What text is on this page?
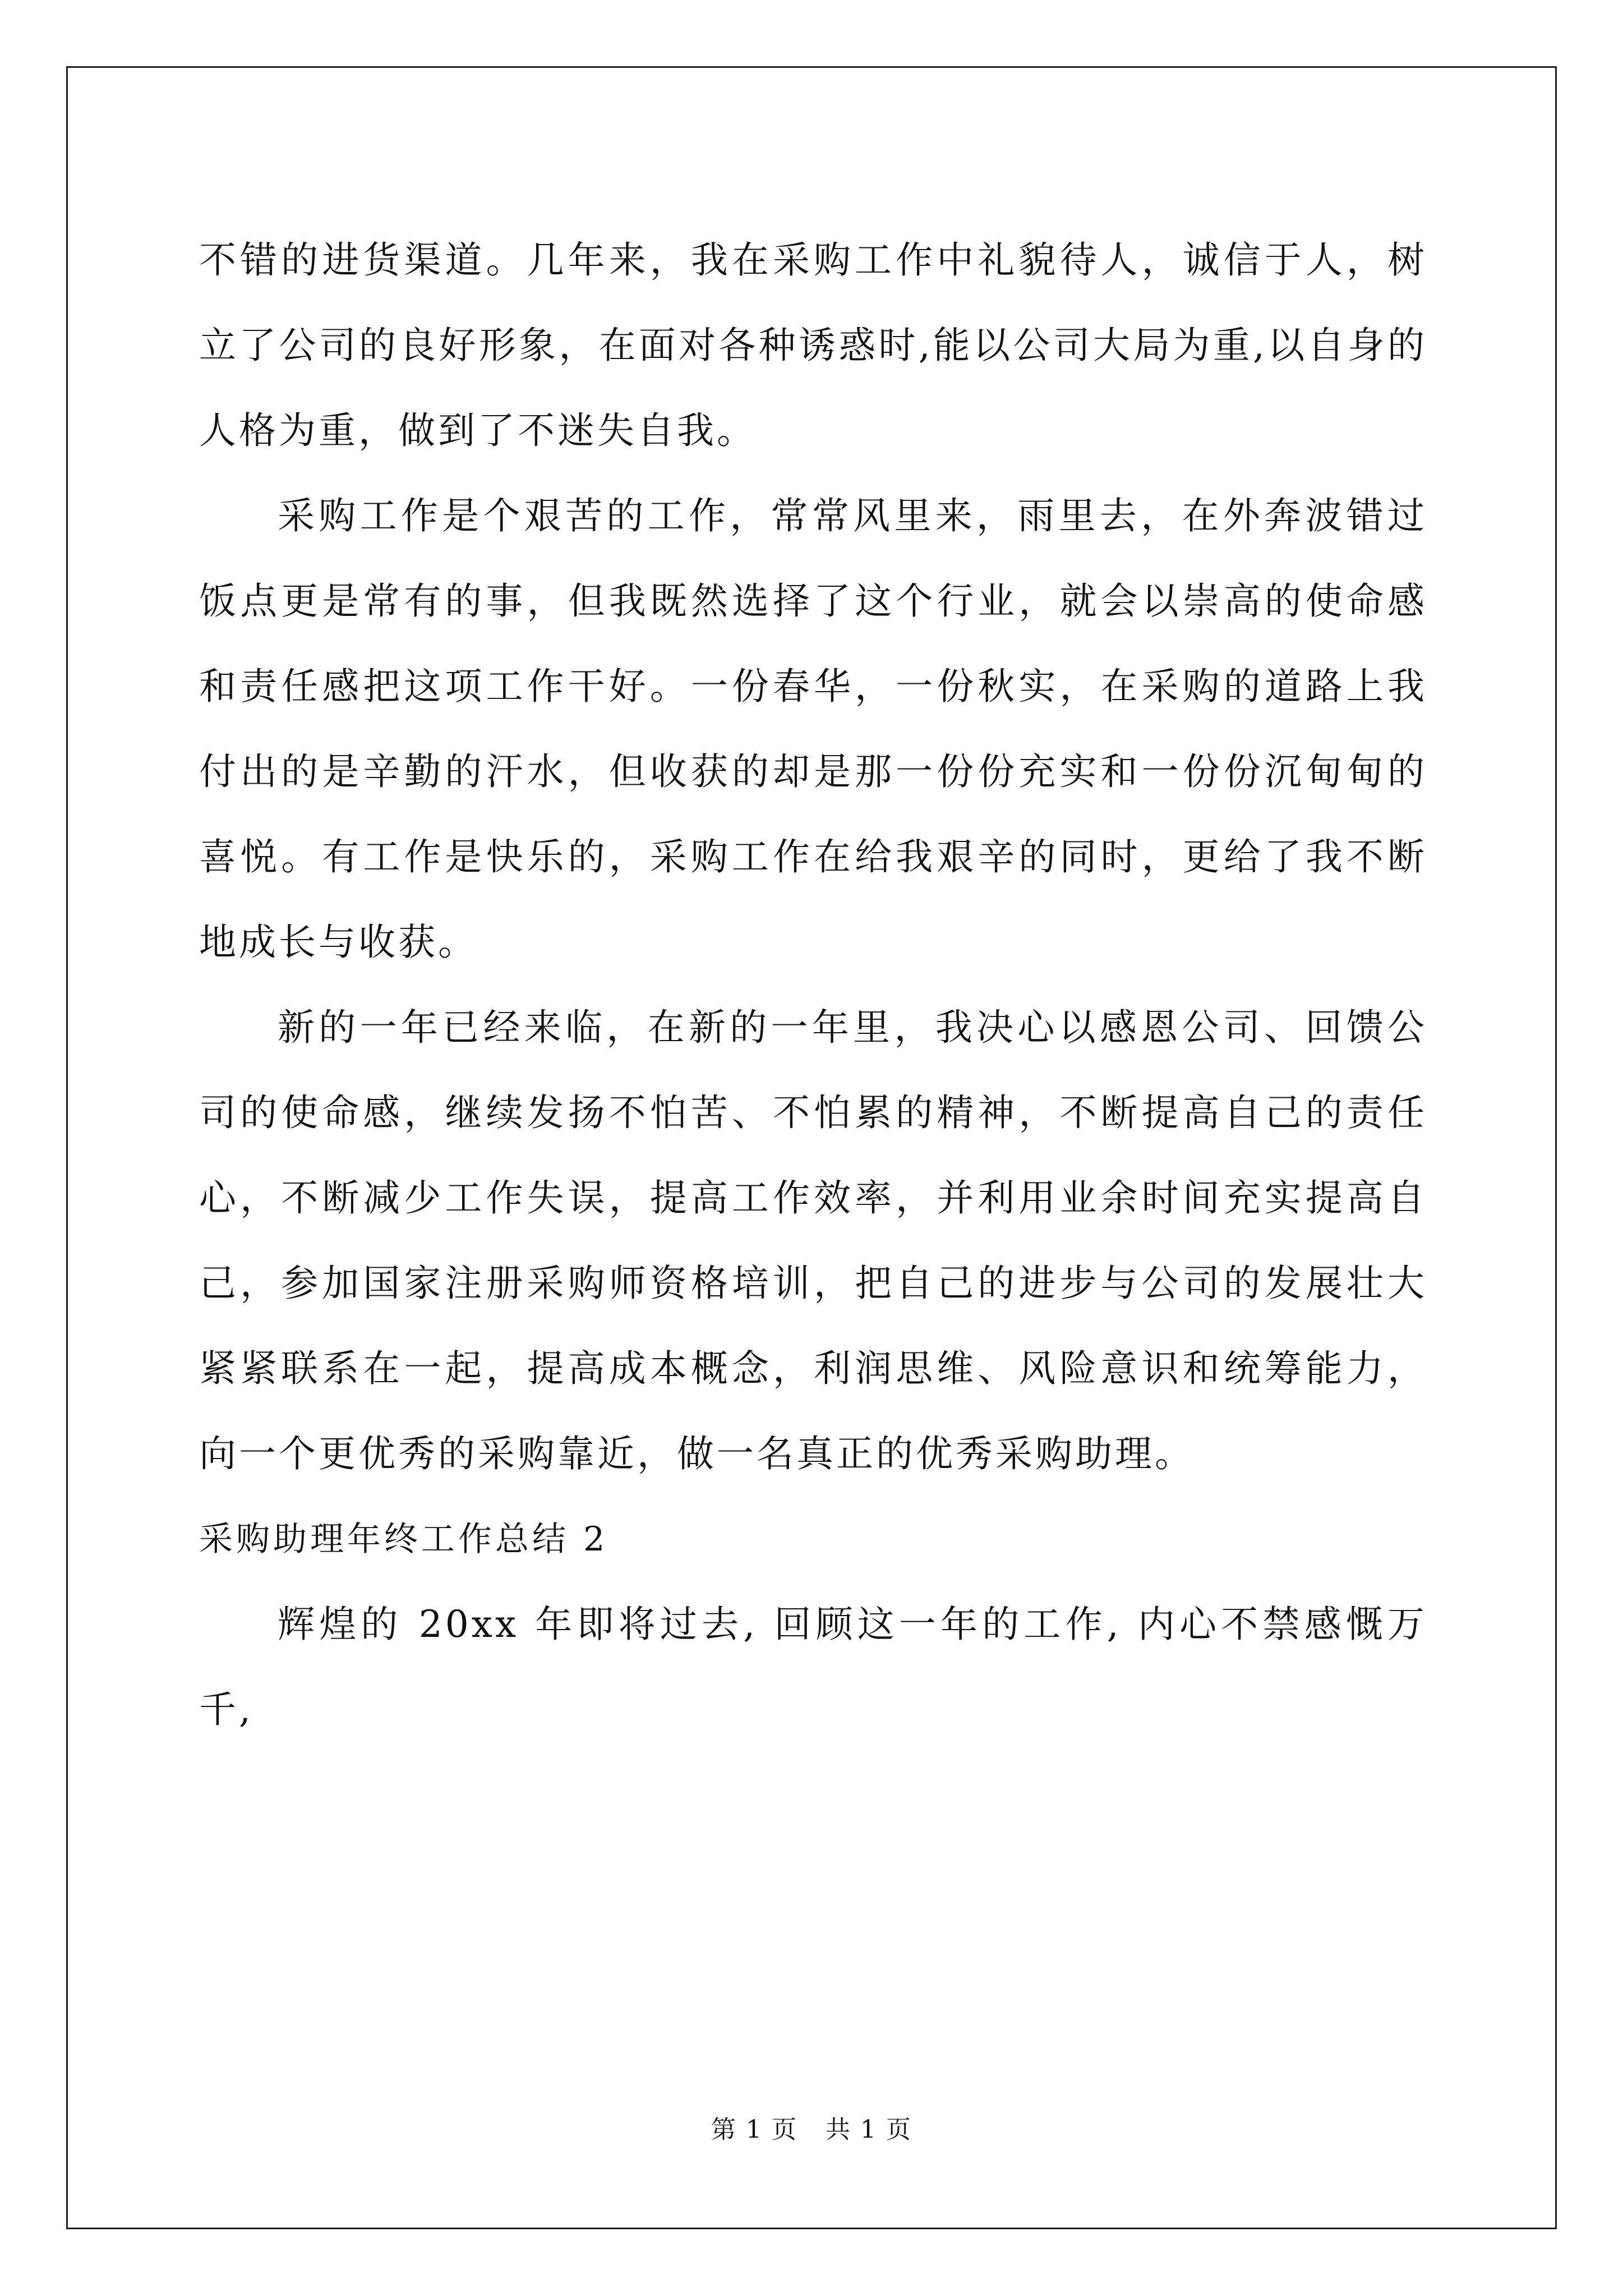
不错的进货渠道。几年来，我在采购工作中礼貌待人，诚信于人，树立了公司的良好形象，在面对各种诱惑时,能以公司大局为重,以自身的人格为重，做到了不迷失自我。

采购工作是个艰苦的工作，常常风里来，雨里去，在外奔波错过饭点更是常有的事，但我既然选择了这个行业，就会以崇高的使命感和责任感把这项工作干好。一份春华，一份秋实，在采购的道路上我付出的是辛勤的汗水，但收获的却是那一份份充实和一份份沉甸甸的喜悦。有工作是快乐的，采购工作在给我艰辛的同时，更给了我不断地成长与收获。

新的一年已经来临，在新的一年里，我决心以感恩公司、回馈公司的使命感，继续发扬不怕苦、不怕累的精神，不断提高自己的责任心，不断减少工作失误，提高工作效率，并利用业余时间充实提高自己，参加国家注册采购师资格培训，把自己的进步与公司的发展壮大紧紧联系在一起，提高成本概念，利润思维、风险意识和统筹能力，向一个更优秀的采购靠近，做一名真正的优秀采购助理。

采购助理年终工作总结 2

辉煌的 20xx 年即将过去, 回顾这一年的工作, 内心不禁感慨万千,

第 1 页 共 1 页
